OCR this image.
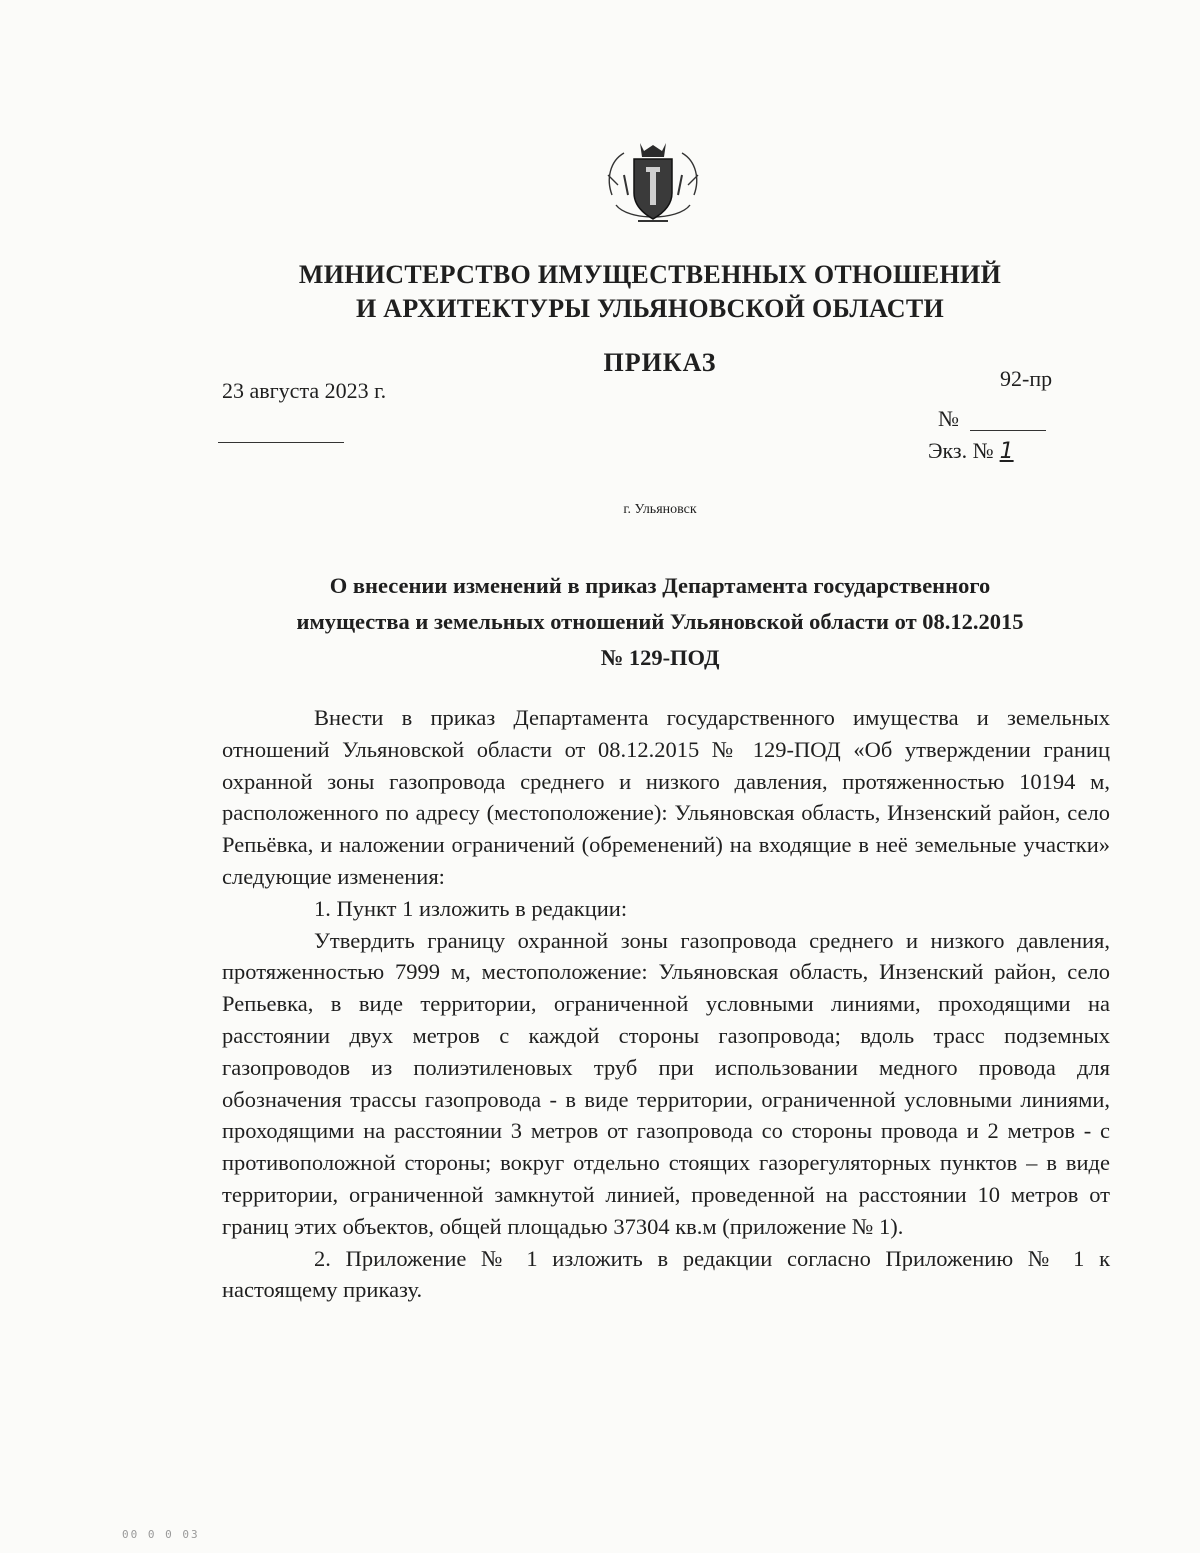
МИНИСТЕРСТВО ИМУЩЕСТВЕННЫХ ОТНОШЕНИЙ
И АРХИТЕКТУРЫ УЛЬЯНОВСКОЙ ОБЛАСТИ
ПРИКАЗ
23 августа 2023 г.	92-пр
№
Экз. № 1
г. Ульяновск
О внесении изменений в приказ Департамента государственного
имущества и земельных отношений Ульяновской области от 08.12.2015
№ 129-ПОД

Внести в приказ Департамента государственного имущества и земельных отношений Ульяновской области от 08.12.2015 № 129-ПОД «Об утверждении границ охранной зоны газопровода среднего и низкого давления, протяженностью 10194 м, расположенного по адресу (местоположение): Ульяновская область, Инзенский район, село Репьёвка, и наложении ограничений (обременений) на входящие в неё земельные участки» следующие изменения:

1. Пункт 1 изложить в редакции:

Утвердить границу охранной зоны газопровода среднего и низкого давления, протяженностью 7999 м, местоположение: Ульяновская область, Инзенский район, село Репьевка, в виде территории, ограниченной условными линиями, проходящими на расстоянии двух метров с каждой стороны газопровода; вдоль трасс подземных газопроводов из полиэтиленовых труб при использовании медного провода для обозначения трассы газопровода - в виде территории, ограниченной условными линиями, проходящими на расстоянии 3 метров от газопровода со стороны провода и 2 метров - с противоположной стороны; вокруг отдельно стоящих газорегуляторных пунктов – в виде территории, ограниченной замкнутой линией, проведенной на расстоянии 10 метров от границ этих объектов, общей площадью 37304 кв.м (приложение № 1).

2. Приложение № 1 изложить в редакции согласно Приложению № 1 к настоящему приказу.

00 0 0 03
